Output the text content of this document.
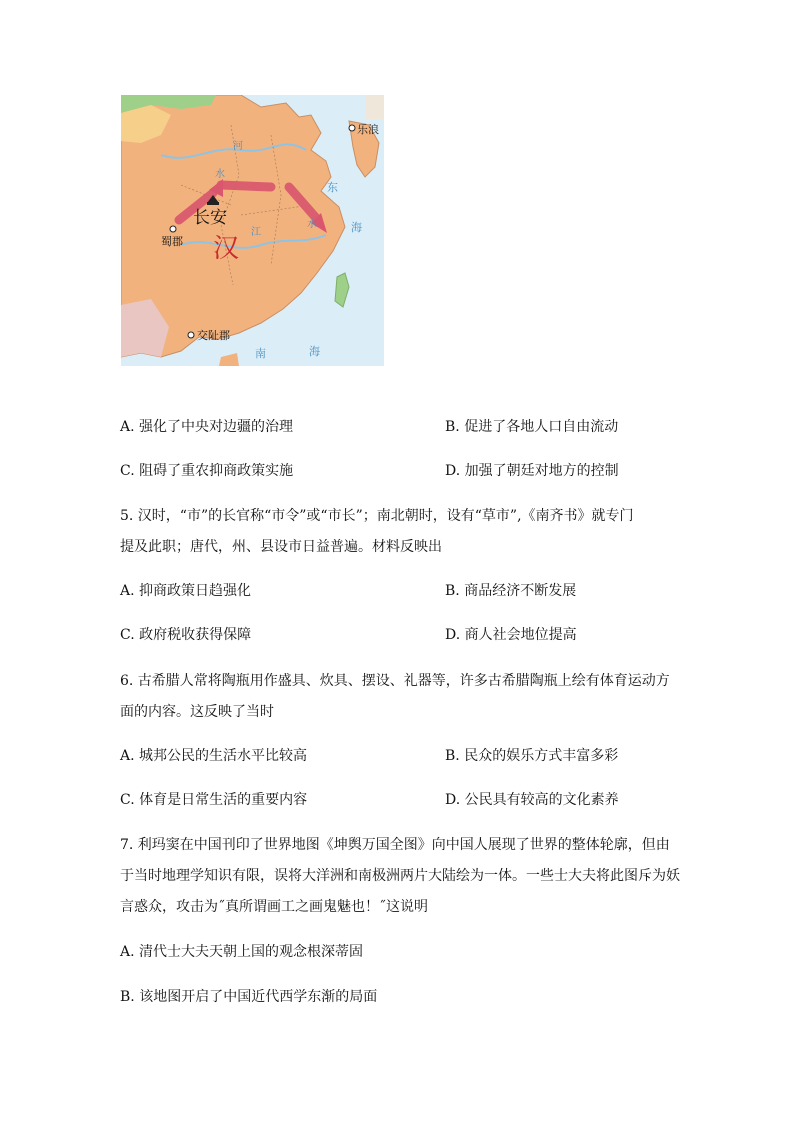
乐浪
河
水
长安
蜀郡 汉
江
水
东
海
交阯郡
南	海
A. 强化了中央对边疆的治理	B. 促进了各地人口自由流动
C. 阻碍了重农抑商政策实施	D. 加强了朝廷对地方的控制
5. 汉时，“市”的长官称“市令”或“市长”；南北朝时，设有“草市”,《南齐书》就专门
提及此职；唐代，州、县设市日益普遍。材料反映出
A. 抑商政策日趋强化	B. 商品经济不断发展
C. 政府税收获得保障	D. 商人社会地位提高
6. 古希腊人常将陶瓶用作盛具、炊具、摆设、礼器等，许多古希腊陶瓶上绘有体育运动方
面的内容。这反映了当时
A. 城邦公民的生活水平比较高	B. 民众的娱乐方式丰富多彩
C. 体育是日常生活的重要内容	D. 公民具有较高的文化素养
7. 利玛窦在中国刊印了世界地图《坤舆万国全图》向中国人展现了世界的整体轮廓，但由
于当时地理学知识有限，误将大洋洲和南极洲两片大陆绘为一体。一些士大夫将此图斥为妖
言惑众，攻击为˝真所谓画工之画鬼魅也！˝这说明
A. 清代士大夫天朝上国的观念根深蒂固
B. 该地图开启了中国近代西学东渐的局面
